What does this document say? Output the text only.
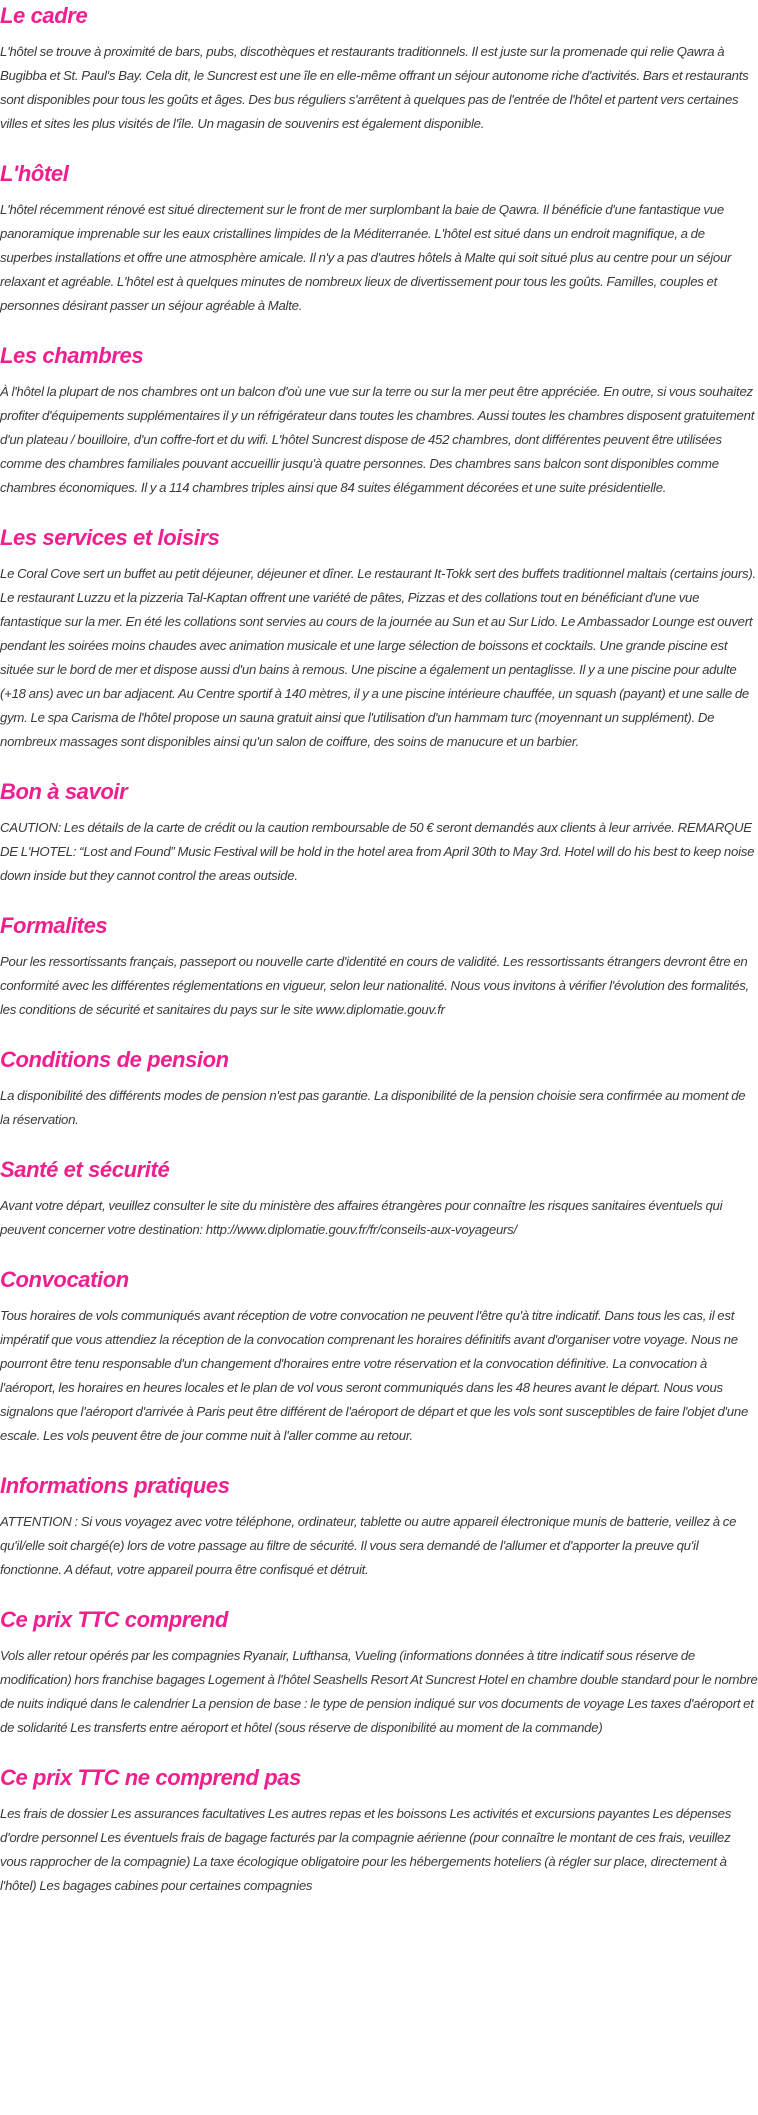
Le cadre

L'hôtel se trouve à proximité de bars, pubs, discothèques et restaurants traditionnels. Il est juste sur la promenade qui relie Qawra à Bugibba et St. Paul's Bay. Cela dit, le Suncrest est une île en elle-même offrant un séjour autonome riche d'activités. Bars et restaurants sont disponibles pour tous les goûts et âges. Des bus réguliers s'arrêtent à quelques pas de l'entrée de l'hôtel et partent vers certaines villes et sites les plus visités de l'île. Un magasin de souvenirs est également disponible.

L'hôtel

L'hôtel récemment rénové est situé directement sur le front de mer surplombant la baie de Qawra. Il bénéficie d'une fantastique vue panoramique imprenable sur les eaux cristallines limpides de la Méditerranée. L'hôtel est situé dans un endroit magnifique, a de superbes installations et offre une atmosphère amicale. Il n'y a pas d'autres hôtels à Malte qui soit situé plus au centre pour un séjour relaxant et agréable. L'hôtel est à quelques minutes de nombreux lieux de divertissement pour tous les goûts. Familles, couples et personnes désirant passer un séjour agréable à Malte.

Les chambres

À l'hôtel la plupart de nos chambres ont un balcon d'où une vue sur la terre ou sur la mer peut être appréciée. En outre, si vous souhaitez profiter d'équipements supplémentaires il y un réfrigérateur dans toutes les chambres. Aussi toutes les chambres disposent gratuitement d'un plateau / bouilloire, d'un coffre-fort et du wifi. L'hôtel Suncrest dispose de 452 chambres, dont différentes peuvent être utilisées comme des chambres familiales pouvant accueillir jusqu'à quatre personnes. Des chambres sans balcon sont disponibles comme chambres économiques. Il y a 114 chambres triples ainsi que 84 suites élégamment décorées et une suite présidentielle.

Les services et loisirs

Le Coral Cove sert un buffet au petit déjeuner, déjeuner et dîner. Le restaurant It-Tokk sert des buffets traditionnel maltais (certains jours). Le restaurant Luzzu et la pizzeria Tal-Kaptan offrent une variété de pâtes, Pizzas et des collations tout en bénéficiant d'une vue fantastique sur la mer. En été les collations sont servies au cours de la journée au Sun et au Sur Lido. Le Ambassador Lounge est ouvert pendant les soirées moins chaudes avec animation musicale et une large sélection de boissons et cocktails. Une grande piscine est située sur le bord de mer et dispose aussi d'un bains à remous. Une piscine a également un pentaglisse. Il y a une piscine pour adulte (+18 ans) avec un bar adjacent. Au Centre sportif à 140 mètres, il y a une piscine intérieure chauffée, un squash (payant) et une salle de gym. Le spa Carisma de l'hôtel propose un sauna gratuit ainsi que l'utilisation d'un hammam turc (moyennant un supplément). De nombreux massages sont disponibles ainsi qu'un salon de coiffure, des soins de manucure et un barbier.

Bon à savoir

CAUTION: Les détails de la carte de crédit ou la caution remboursable de 50 € seront demandés aux clients à leur arrivée. REMARQUE DE L'HOTEL: “Lost and Found” Music Festival will be hold in the hotel area from April 30th to May 3rd. Hotel will do his best to keep noise down inside but they cannot control the areas outside.

Formalites

Pour les ressortissants français, passeport ou nouvelle carte d'identité en cours de validité. Les ressortissants étrangers devront être en conformité avec les différentes réglementations en vigueur, selon leur nationalité. Nous vous invitons à vérifier l'évolution des formalités, les conditions de sécurité et sanitaires du pays sur le site www.diplomatie.gouv.fr

Conditions de pension

La disponibilité des différents modes de pension n'est pas garantie. La disponibilité de la pension choisie sera confirmée au moment de la réservation.

Santé et sécurité

Avant votre départ, veuillez consulter le site du ministère des affaires étrangères pour connaître les risques sanitaires éventuels qui peuvent concerner votre destination: http://www.diplomatie.gouv.fr/fr/conseils-aux-voyageurs/

Convocation

Tous horaires de vols communiqués avant réception de votre convocation ne peuvent l'être qu'à titre indicatif. Dans tous les cas, il est impératif que vous attendiez la réception de la convocation comprenant les horaires définitifs avant d'organiser votre voyage. Nous ne pourront être tenu responsable d'un changement d'horaires entre votre réservation et la convocation définitive. La convocation à l'aéroport, les horaires en heures locales et le plan de vol vous seront communiqués dans les 48 heures avant le départ. Nous vous signalons que l'aéroport d'arrivée à Paris peut être différent de l'aéroport de départ et que les vols sont susceptibles de faire l'objet d'une escale. Les vols peuvent être de jour comme nuit à l'aller comme au retour.

Informations pratiques

ATTENTION : Si vous voyagez avec votre téléphone, ordinateur, tablette ou autre appareil électronique munis de batterie, veillez à ce qu'il/elle soit chargé(e) lors de votre passage au filtre de sécurité. Il vous sera demandé de l'allumer et d'apporter la preuve qu'il fonctionne. A défaut, votre appareil pourra être confisqué et détruit.

Ce prix TTC comprend

Vols aller retour opérés par les compagnies Ryanair, Lufthansa, Vueling (informations données à titre indicatif sous réserve de modification) hors franchise bagages Logement à l'hôtel Seashells Resort At Suncrest Hotel en chambre double standard pour le nombre de nuits indiqué dans le calendrier La pension de base : le type de pension indiqué sur vos documents de voyage Les taxes d'aéroport et de solidarité Les transferts entre aéroport et hôtel (sous réserve de disponibilité au moment de la commande)

Ce prix TTC ne comprend pas

Les frais de dossier Les assurances facultatives Les autres repas et les boissons Les activités et excursions payantes Les dépenses d'ordre personnel Les éventuels frais de bagage facturés par la compagnie aérienne (pour connaître le montant de ces frais, veuillez vous rapprocher de la compagnie) La taxe écologique obligatoire pour les hébergements hoteliers (à régler sur place, directement à l'hôtel) Les bagages cabines pour certaines compagnies
